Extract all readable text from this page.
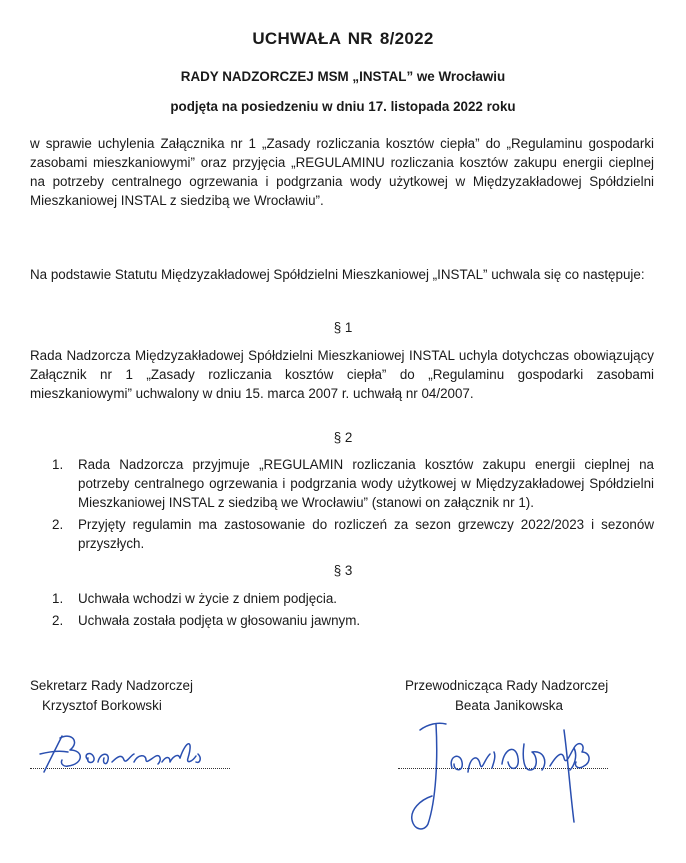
UCHWAŁA NR 8/2022
RADY NADZORCZEJ MSM „INSTAL” we Wrocławiu
podjęta na posiedzeniu w dniu 17. listopada 2022 roku
w sprawie uchylenia Załącznika nr 1 „Zasady rozliczania kosztów ciepła” do „Regulaminu gospodarki zasobami mieszkaniowymi” oraz przyjęcia „REGULAMINU rozliczania kosztów zakupu energii cieplnej na potrzeby centralnego ogrzewania i podgrzania wody użytkowej w Międzyzakładowej Spółdzielni Mieszkaniowej INSTAL z siedzibą we Wrocławiu”.
Na podstawie Statutu Międzyzakładowej Spółdzielni Mieszkaniowej „INSTAL” uchwala się co następuje:
§ 1
Rada Nadzorcza Międzyzakładowej Spółdzielni Mieszkaniowej INSTAL uchyla dotychczas obowiązujący Załącznik nr 1 „Zasady rozliczania kosztów ciepła” do „Regulaminu gospodarki zasobami mieszkaniowymi” uchwalony w dniu 15. marca 2007 r. uchwałą nr 04/2007.
§ 2
1. Rada Nadzorcza przyjmuje „REGULAMIN rozliczania kosztów zakupu energii cieplnej na potrzeby centralnego ogrzewania i podgrzania wody użytkowej w Międzyzakładowej Spółdzielni Mieszkaniowej INSTAL z siedzibą we Wrocławiu” (stanowi on załącznik nr 1).
2. Przyjęty regulamin ma zastosowanie do rozliczeń za sezon grzewczy 2022/2023 i sezonów przyszłych.
§ 3
1. Uchwała wchodzi w życie z dniem podjęcia.
2. Uchwała została podjęta w głosowaniu jawnym.
Sekretarz Rady Nadzorczej
Krzysztof Borkowski
Przewodnicząca Rady Nadzorczej
Beata Janikowska
